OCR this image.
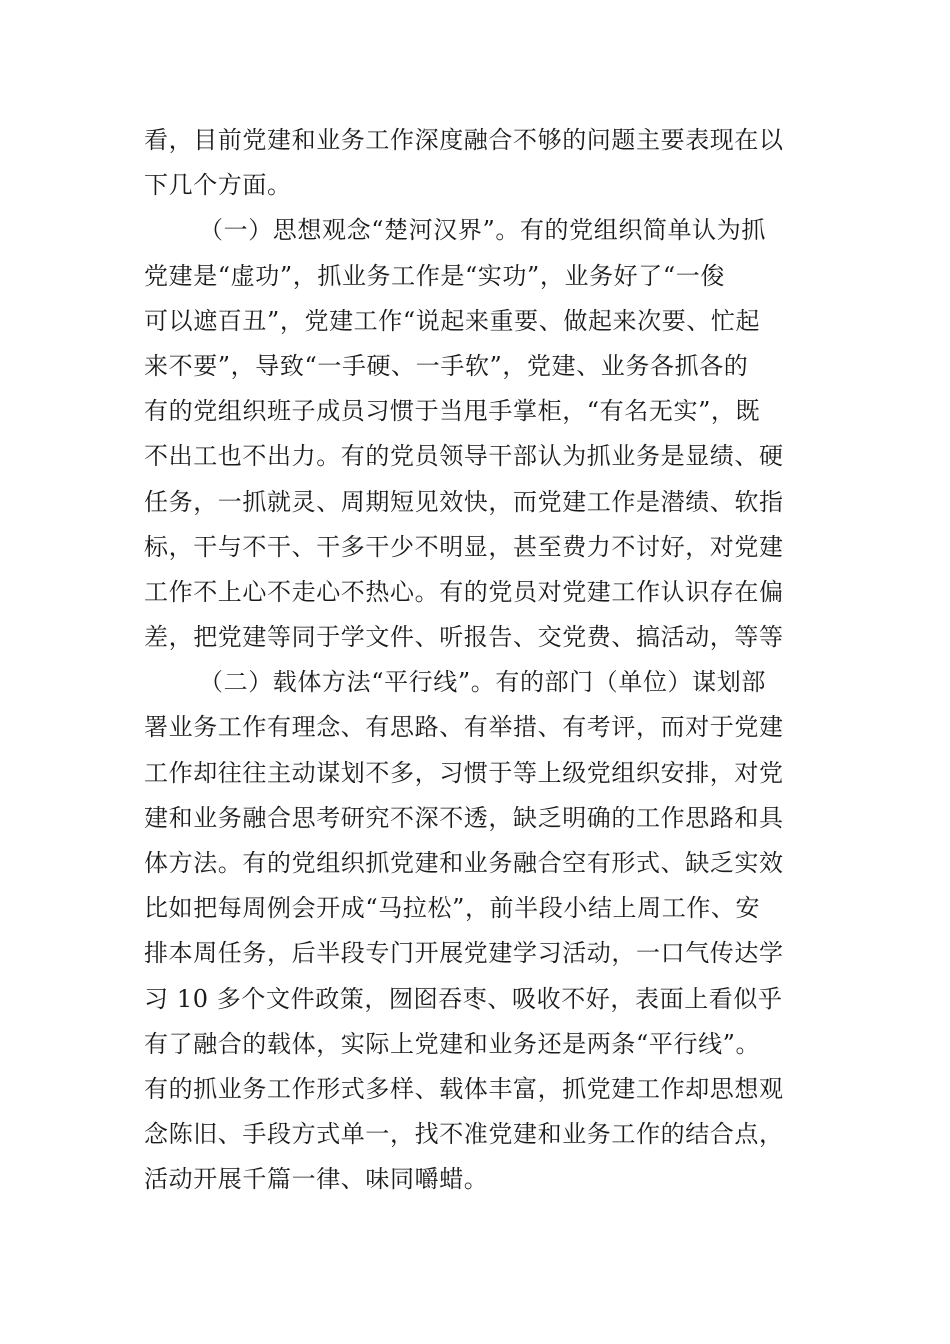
看，目前党建和业务工作深度融合不够的问题主要表现在以
下几个方面。
（一）思想观念“楚河汉界”。有的党组织简单认为抓
党建是“虚功”，抓业务工作是“实功”，业务好了“一俊
可以遮百丑”，党建工作“说起来重要、做起来次要、忙起
来不要”，导致“一手硬、一手软”，党建、业务各抓各的
有的党组织班子成员习惯于当甩手掌柜，“有名无实”，既
不出工也不出力。有的党员领导干部认为抓业务是显绩、硬
任务，一抓就灵、周期短见效快，而党建工作是潜绩、软指
标，干与不干、干多干少不明显，甚至费力不讨好，对党建
工作不上心不走心不热心。有的党员对党建工作认识存在偏
差，把党建等同于学文件、听报告、交党费、搞活动，等等
（二）载体方法“平行线”。有的部门（单位）谋划部
署业务工作有理念、有思路、有举措、有考评，而对于党建
工作却往往主动谋划不多，习惯于等上级党组织安排，对党
建和业务融合思考研究不深不透，缺乏明确的工作思路和具
体方法。有的党组织抓党建和业务融合空有形式、缺乏实效
比如把每周例会开成“马拉松”，前半段小结上周工作、安
排本周任务，后半段专门开展党建学习活动，一口气传达学
习 10 多个文件政策，囫囵吞枣、吸收不好，表面上看似乎
有了融合的载体，实际上党建和业务还是两条“平行线”。
有的抓业务工作形式多样、载体丰富，抓党建工作却思想观
念陈旧、手段方式单一，找不准党建和业务工作的结合点，
活动开展千篇一律、味同嚼蜡。
